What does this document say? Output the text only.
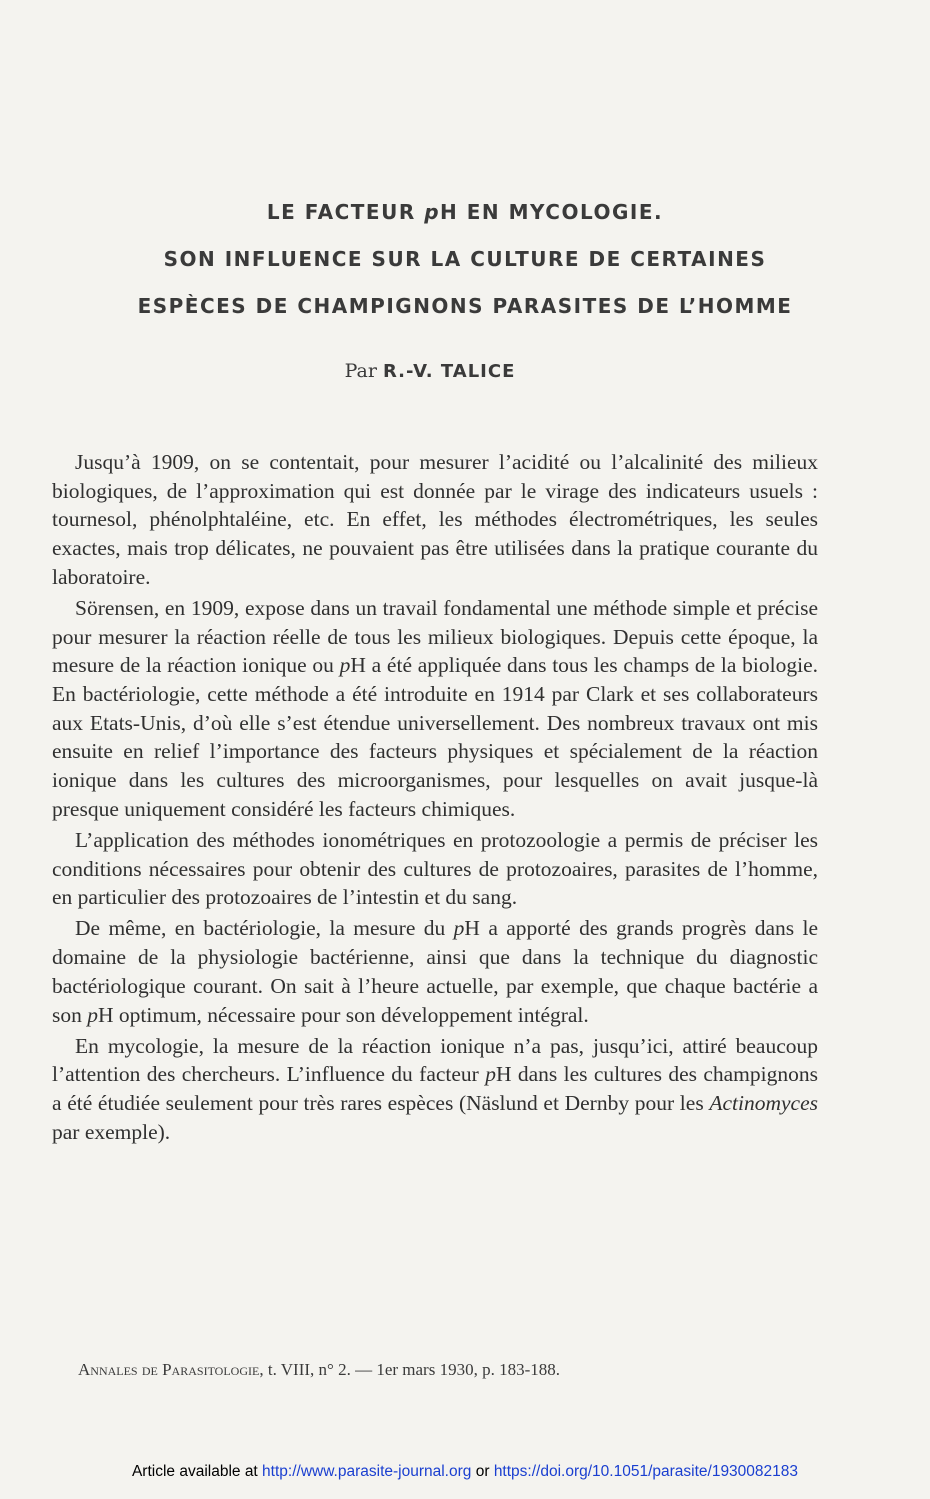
LE FACTEUR pH EN MYCOLOGIE.
SON INFLUENCE SUR LA CULTURE DE CERTAINES
ESPÈCES DE CHAMPIGNONS PARASITES DE L’HOMME
Par R.-V. TALICE

Jusqu’à 1909, on se contentait, pour mesurer l’acidité ou l’alcalinité des milieux biologiques, de l’approximation qui est donnée par le virage des indicateurs usuels : tournesol, phénolphtaléine, etc. En effet, les méthodes électrométriques, les seules exactes, mais trop délicates, ne pouvaient pas être utilisées dans la pratique courante du laboratoire.

Sörensen, en 1909, expose dans un travail fondamental une méthode simple et précise pour mesurer la réaction réelle de tous les milieux biologiques. Depuis cette époque, la mesure de la réaction ionique ou pH a été appliquée dans tous les champs de la biologie. En bactériologie, cette méthode a été introduite en 1914 par Clark et ses collaborateurs aux Etats-Unis, d’où elle s’est étendue universellement. Des nombreux travaux ont mis ensuite en relief l’importance des facteurs physiques et spécialement de la réaction ionique dans les cultures des microorganismes, pour lesquelles on avait jusque-là presque uniquement considéré les facteurs chimiques.

L’application des méthodes ionométriques en protozoologie a permis de préciser les conditions nécessaires pour obtenir des cultures de protozoaires, parasites de l’homme, en particulier des protozoaires de l’intestin et du sang.

De même, en bactériologie, la mesure du pH a apporté des grands progrès dans le domaine de la physiologie bactérienne, ainsi que dans la technique du diagnostic bactériologique courant. On sait à l’heure actuelle, par exemple, que chaque bactérie a son pH optimum, nécessaire pour son développement intégral.

En mycologie, la mesure de la réaction ionique n’a pas, jusqu’ici, attiré beaucoup l’attention des chercheurs. L’influence du facteur pH dans les cultures des champignons a été étudiée seulement pour très rares espèces (Näslund et Dernby pour les Actinomyces par exemple).

Annales de Parasitologie, t. VIII, n° 2. — 1er mars 1930, p. 183-188.
Article available at http://www.parasite-journal.org or https://doi.org/10.1051/parasite/1930082183
